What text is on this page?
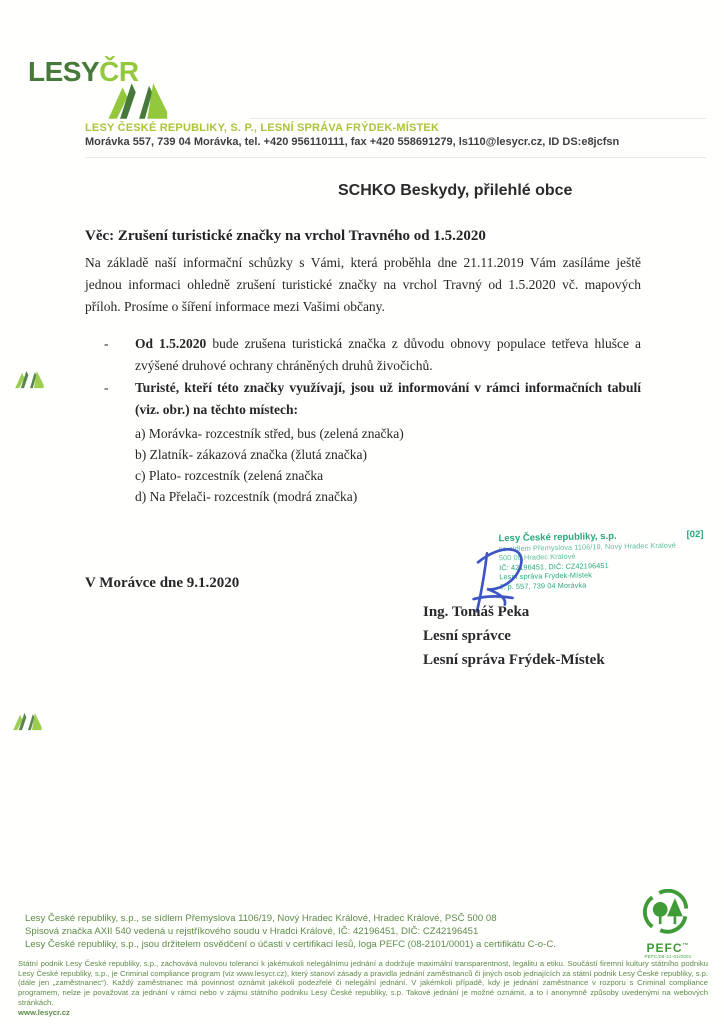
LESYČR
LESY ČESKÉ REPUBLIKY, S. P., LESNÍ SPRÁVA FRÝDEK-MÍSTEK
Morávka 557, 739 04 Morávka, tel. +420 956110111, fax +420 558691279, ls110@lesycr.cz, ID DS:e8jcfsn
SCHKO Beskydy, přilehlé obce
Věc: Zrušení turistické značky na vrchol Travného od 1.5.2020
Na základě naší informační schůzky s Vámi, která proběhla dne 21.11.2019 Vám zasíláme ještě jednou informaci ohledně zrušení turistické značky na vrchol Travný od 1.5.2020 vč. mapových příloh. Prosíme o šíření informace mezi Vašimi občany.
-	Od 1.5.2020 bude zrušena turistická značka z důvodu obnovy populace tetřeva hlušce a zvýšené druhové ochrany chráněných druhů živočichů.
-	Turisté, kteří této značky využívají, jsou už informování v rámci informačních tabulí (viz. obr.) na těchto místech:
a) Morávka- rozcestník střed, bus (zelená značka)
b) Zlatník- zákazová značka (žlutá značka)
c) Plato- rozcestník (zelená značka
d) Na Přelači- rozcestník (modrá značka)
V Morávce dne 9.1.2020
Lesy České republiky, s.p.	[02]
se sídlem Přemyslova 1106/19, Nový Hradec Králové
500 08 Hradec Králové
IČ: 42196451, DIČ: CZ42196451
Lesní správa Frýdek-Místek
č. p. 557, 739 04 Morávka
Ing. Tomáš Peka
Lesní správce
Lesní správa Frýdek-Místek
Lesy České republiky, s.p., se sídlem Přemyslova 1106/19, Nový Hradec Králové, Hradec Králové, PSČ 500 08
Spisová značka AXII 540 vedená u rejstříkového soudu v Hradci Králové, IČ: 42196451, DIČ: CZ42196451
Lesy České republiky, s.p., jsou držitelem osvědčení o účasti v certifikaci lesů, loga PEFC (08-2101/0001) a certifikátu C-o-C.
Státní podnik Lesy České republiky, s.p., zachovává nulovou toleranci k jakémukoli nelegálnímu jednání a dodržuje maximální transparentnost, legalitu a etiku. Součástí firemní kultury státního podniku Lesy České republiky, s.p., je Criminal compliance program (viz www.lesycr.cz), který stanoví zásady a pravidla jednání zaměstnanců či jiných osob jednajících za státní podnik Lesy České republiky, s.p. (dále jen „zaměstnanec“). Každý zaměstnanec má povinnost oznámit jakékoli podezřelé či nelegální jednání. V jakémkoli případě, kdy je jednání zaměstnance v rozporu s Criminal compliance programem, nelze je považovat za jednání v rámci nebo v zájmu státního podniku Lesy České republiky, s.p. Takové jednání je možné oznámit, a to i anonymně způsoby uvedenými na webových stránkách.
www.lesycr.cz
PEFC™
PEFC/08-21-01/0001
